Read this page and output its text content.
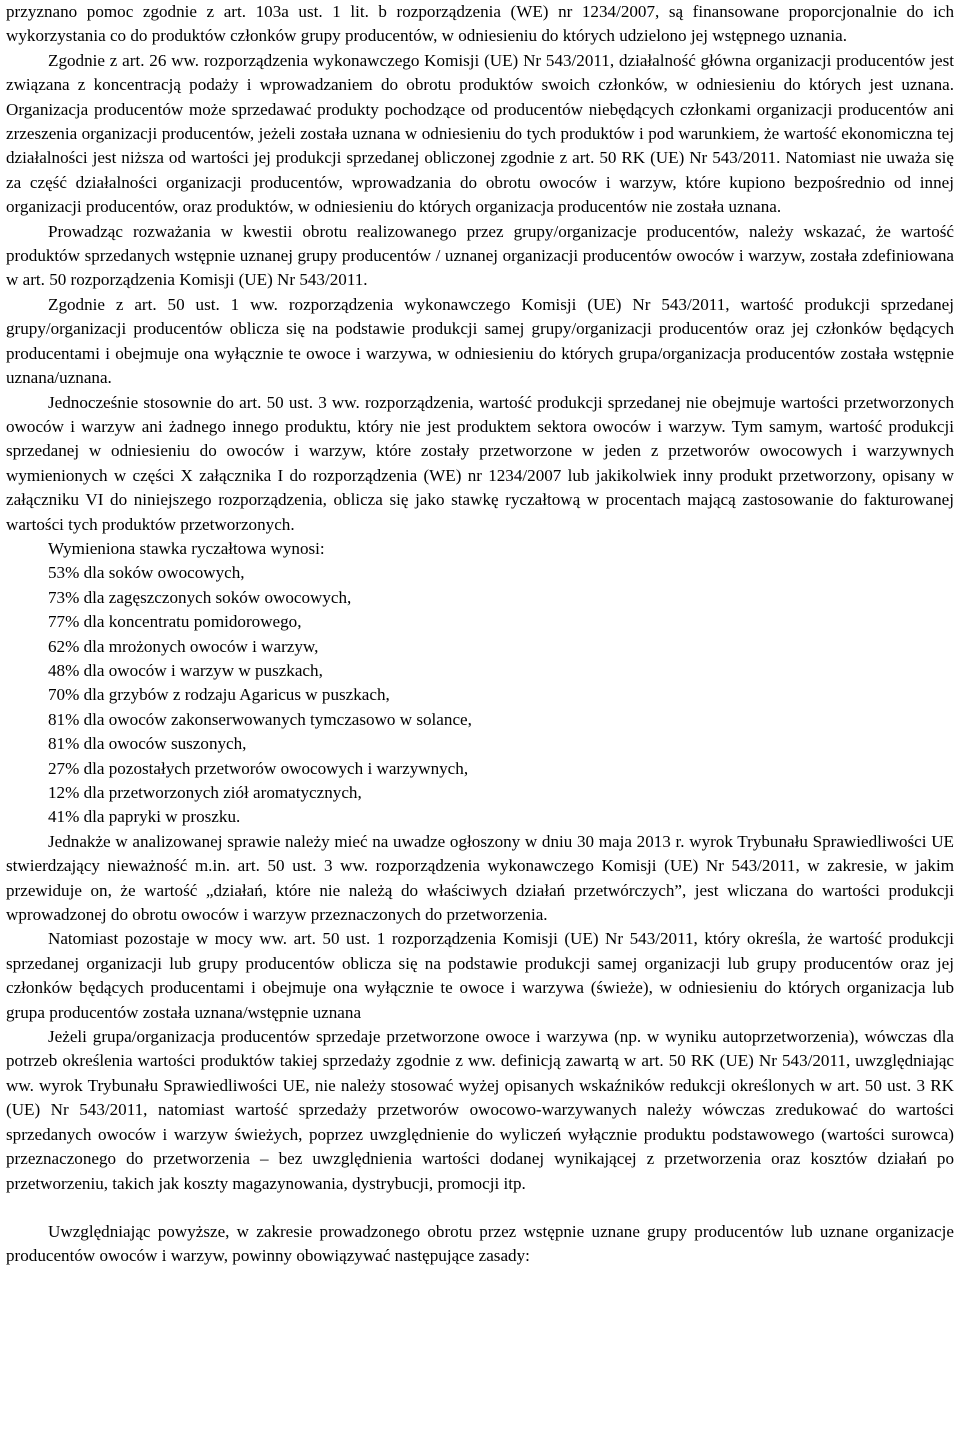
przyznano pomoc zgodnie z art. 103a ust. 1 lit. b rozporządzenia (WE) nr 1234/2007, są finansowane proporcjonalnie do ich wykorzystania co do produktów członków grupy producentów, w odniesieniu do których udzielono jej wstępnego uznania.

Zgodnie z art. 26 ww. rozporządzenia wykonawczego Komisji (UE) Nr 543/2011, działalność główna organizacji producentów jest związana z koncentracją podaży i wprowadzaniem do obrotu produktów swoich członków, w odniesieniu do których jest uznana. Organizacja producentów może sprzedawać produkty pochodzące od producentów niebędących członkami organizacji producentów ani zrzeszenia organizacji producentów, jeżeli została uznana w odniesieniu do tych produktów i pod warunkiem, że wartość ekonomiczna tej działalności jest niższa od wartości jej produkcji sprzedanej obliczonej zgodnie z art. 50 RK (UE) Nr 543/2011. Natomiast nie uważa się za część działalności organizacji producentów, wprowadzania do obrotu owoców i warzyw, które kupiono bezpośrednio od innej organizacji producentów, oraz produktów, w odniesieniu do których organizacja producentów nie została uznana.

Prowadząc rozważania w kwestii obrotu realizowanego przez grupy/organizacje producentów, należy wskazać, że wartość produktów sprzedanych wstępnie uznanej grupy producentów / uznanej organizacji producentów owoców i warzyw, została zdefiniowana w art. 50 rozporządzenia Komisji (UE) Nr 543/2011.

Zgodnie z art. 50 ust. 1 ww. rozporządzenia wykonawczego Komisji (UE) Nr 543/2011, wartość produkcji sprzedanej grupy/organizacji producentów oblicza się na podstawie produkcji samej grupy/organizacji producentów oraz jej członków będących producentami i obejmuje ona wyłącznie te owoce i warzywa, w odniesieniu do których grupa/organizacja producentów została wstępnie uznana/uznana.

Jednocześnie stosownie do art. 50 ust. 3 ww. rozporządzenia, wartość produkcji sprzedanej nie obejmuje wartości przetworzonych owoców i warzyw ani żadnego innego produktu, który nie jest produktem sektora owoców i warzyw. Tym samym, wartość produkcji sprzedanej w odniesieniu do owoców i warzyw, które zostały przetworzone w jeden z przetworów owocowych i warzywnych wymienionych w części X załącznika I do rozporządzenia (WE) nr 1234/2007 lub jakikolwiek inny produkt przetworzony, opisany w załączniku VI do niniejszego rozporządzenia, oblicza się jako stawkę ryczałtową w procentach mającą zastosowanie do fakturowanej wartości tych produktów przetworzonych.

Wymieniona stawka ryczałtowa wynosi:

53% dla soków owocowych,
73% dla zagęszczonych soków owocowych,
77% dla koncentratu pomidorowego,
62% dla mrożonych owoców i warzyw,
48% dla owoców i warzyw w puszkach,
70% dla grzybów z rodzaju Agaricus w puszkach,
81% dla owoców zakonserwowanych tymczasowo w solance,
81% dla owoców suszonych,
27% dla pozostałych przetworów owocowych i warzywnych,
12% dla przetworzonych ziół aromatycznych,
41% dla papryki w proszku.

Jednakże w analizowanej sprawie należy mieć na uwadze ogłoszony w dniu 30 maja 2013 r. wyrok Trybunału Sprawiedliwości UE stwierdzający nieważność m.in. art. 50 ust. 3 ww. rozporządzenia wykonawczego Komisji (UE) Nr 543/2011, w zakresie, w jakim przewiduje on, że wartość „działań, które nie należą do właściwych działań przetwórczych”, jest wliczana do wartości produkcji wprowadzonej do obrotu owoców i warzyw przeznaczonych do przetworzenia.

Natomiast pozostaje w mocy ww. art. 50 ust. 1 rozporządzenia Komisji (UE) Nr 543/2011, który określa, że wartość produkcji sprzedanej organizacji lub grupy producentów oblicza się na podstawie produkcji samej organizacji lub grupy producentów oraz jej członków będących producentami i obejmuje ona wyłącznie te owoce i warzywa (świeże), w odniesieniu do których organizacja lub grupa producentów została uznana/wstępnie uznana

Jeżeli grupa/organizacja producentów sprzedaje przetworzone owoce i warzywa (np. w wyniku autoprzetworzenia), wówczas dla potrzeb określenia wartości produktów takiej sprzedaży zgodnie z ww. definicją zawartą w art. 50 RK (UE) Nr 543/2011, uwzględniając ww. wyrok Trybunału Sprawiedliwości UE, nie należy stosować wyżej opisanych wskaźników redukcji określonych w art. 50 ust. 3 RK (UE) Nr 543/2011, natomiast wartość sprzedaży przetworów owocowo-warzywanych należy wówczas zredukować do wartości sprzedanych owoców i warzyw świeżych, poprzez uwzględnienie do wyliczeń wyłącznie produktu podstawowego (wartości surowca) przeznaczonego do przetworzenia – bez uwzględnienia wartości dodanej wynikającej z przetworzenia oraz kosztów działań po przetworzeniu, takich jak koszty magazynowania, dystrybucji, promocji itp.

Uwzględniając powyższe, w zakresie prowadzonego obrotu przez wstępnie uznane grupy producentów lub uznane organizacje producentów owoców i warzyw, powinny obowiązywać następujące zasady:
